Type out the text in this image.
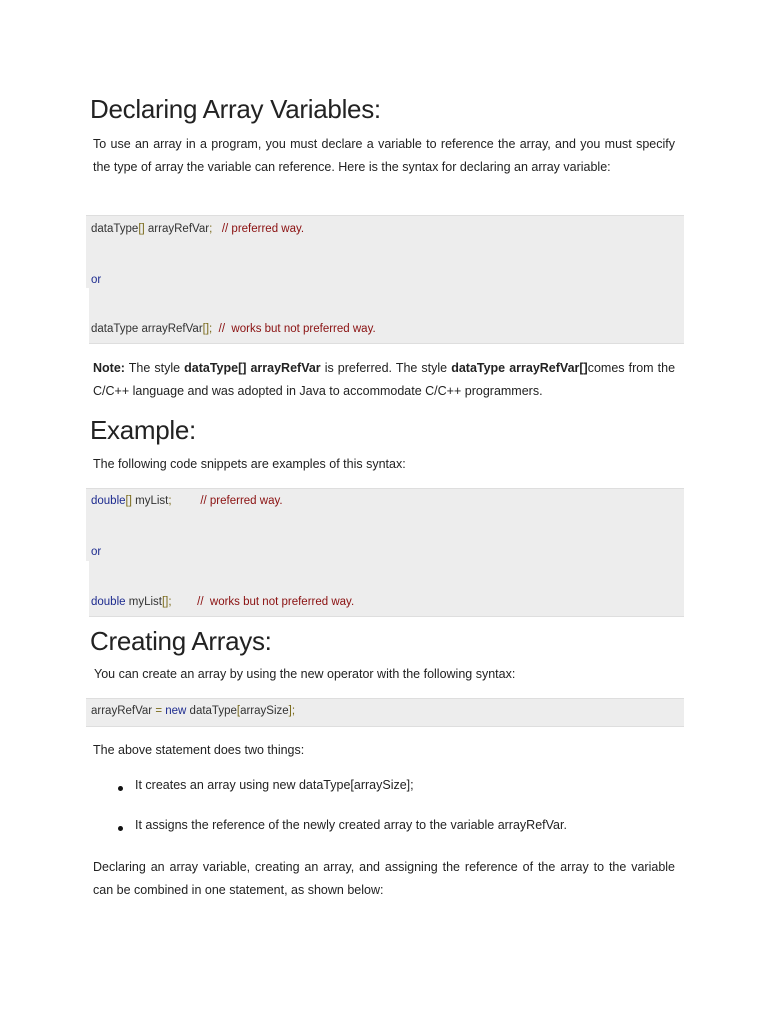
Declaring Array Variables:

To use an array in a program, you must declare a variable to reference the array, and you must specify the type of array the variable can reference. Here is the syntax for declaring an array variable:

dataType[] arrayRefVar;   // preferred way.
or
dataType arrayRefVar[];  //  works but not preferred way.

Note: The style dataType[] arrayRefVar is preferred. The style dataType arrayRefVar[]comes from the C/C++ language and was adopted in Java to accommodate C/C++ programmers.

Example:

The following code snippets are examples of this syntax:

double[] myList;         // preferred way.
or
double myList[];        //  works but not preferred way.
Creating Arrays:

You can create an array by using the new operator with the following syntax:

arrayRefVar = new dataType[arraySize];

The above statement does two things:

It creates an array using new dataType[arraySize];
It assigns the reference of the newly created array to the variable arrayRefVar.

Declaring an array variable, creating an array, and assigning the reference of the array to the variable can be combined in one statement, as shown below:
